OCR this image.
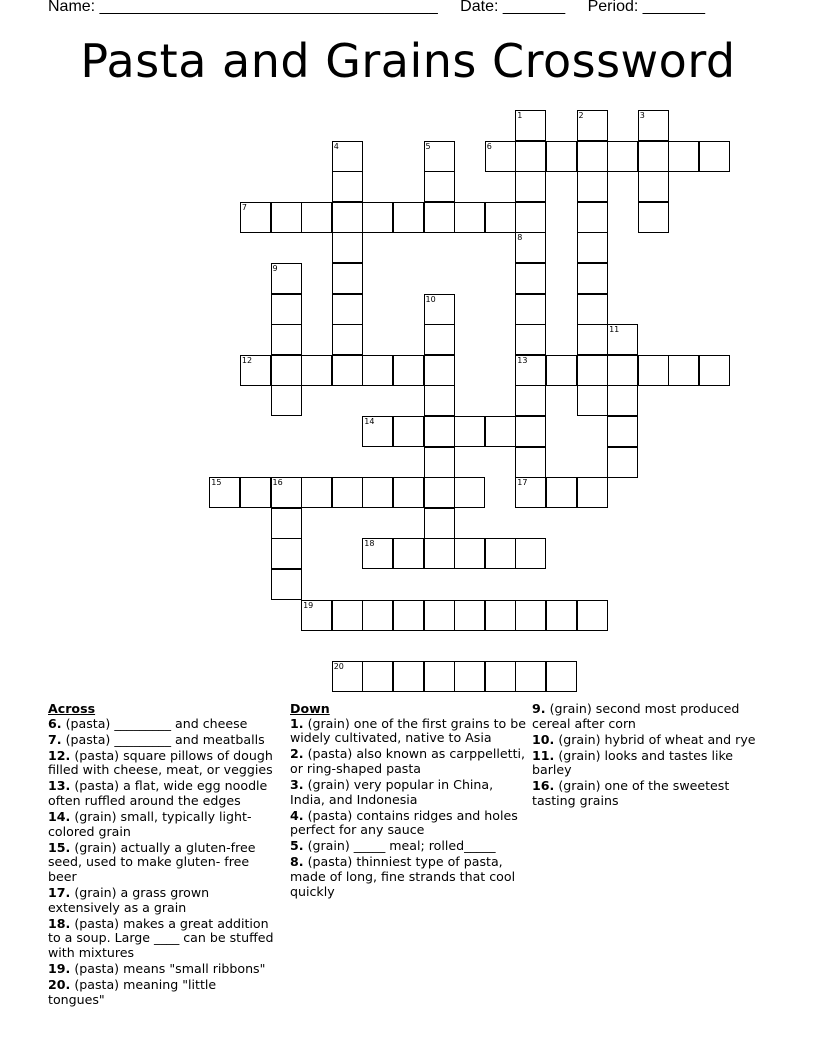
Name: ______________________________________ Date: _______ Period: _______
Pasta and Grains Crossword
1
8
2	3
4	5	6
7
13
17
9
10
11
12
14
15	16
18
19
20
Across
6. (pasta) _________ and cheese
7. (pasta) _________ and meatballs
12. (pasta) square pillows of dough filled with cheese, meat, or veggies
13. (pasta) a flat, wide egg noodle often ruffled around the edges
14. (grain) small, typically light-colored grain
15. (grain) actually a gluten-free seed, used to make gluten- free beer
17. (grain) a grass grown extensively as a grain
18. (pasta) makes a great addition to a soup. Large ____ can be stuffed with mixtures
19. (pasta) means "small ribbons"
20. (pasta) meaning "little tongues"
Down
1. (grain) one of the first grains to be widely cultivated, native to Asia
2. (pasta) also known as carppelletti, or ring-shaped pasta
3. (grain) very popular in China, India, and Indonesia
4. (pasta) contains ridges and holes perfect for any sauce
5. (grain) _____ meal; rolled_____
8. (pasta) thinniest type of pasta, made of long, fine strands that cool quickly
9. (grain) second most produced cereal after corn
10. (grain) hybrid of wheat and rye
11. (grain) looks and tastes like barley
16. (grain) one of the sweetest tasting grains
